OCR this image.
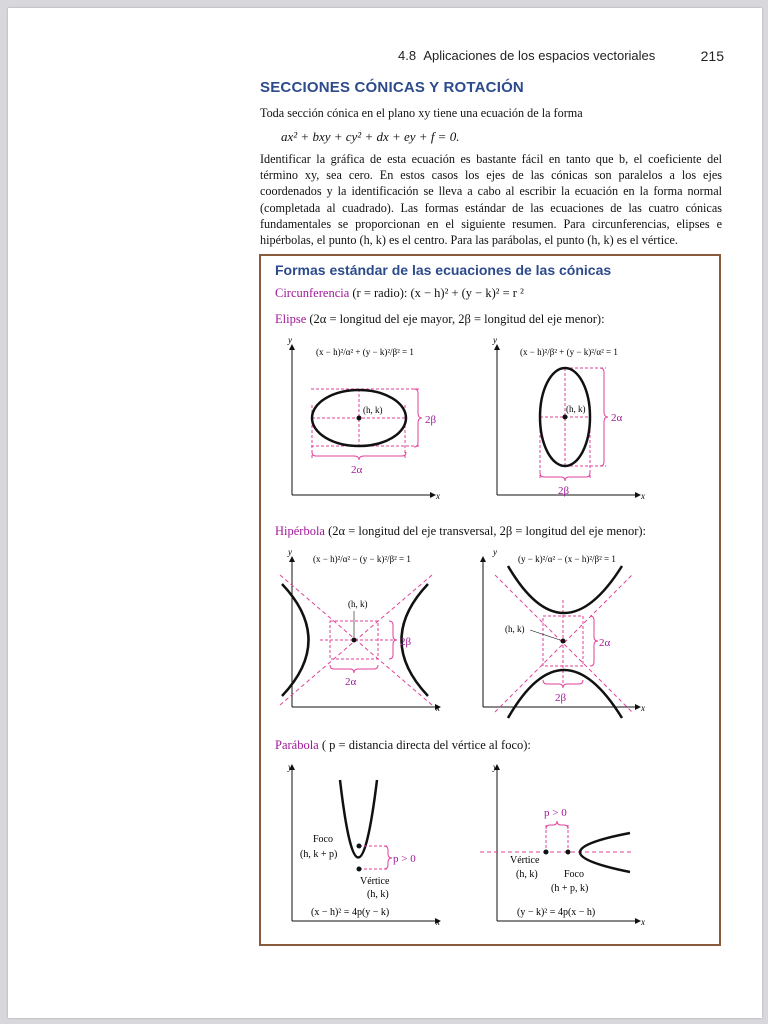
4.8 Aplicaciones de los espacios vectoriales	215
SECCIONES CÓNICAS Y ROTACIÓN
Toda sección cónica en el plano xy tiene una ecuación de la forma
ax² + bxy + cy² + dx + ey + f = 0.
Identificar la gráfica de esta ecuación es bastante fácil en tanto que b, el coeficiente del término xy, sea cero. En estos casos los ejes de las cónicas son paralelos a los ejes coordenados y la identificación se lleva a cabo al escribir la ecuación en la forma normal (completada al cuadrado). Las formas estándar de las ecuaciones de las cuatro cónicas fundamentales se proporcionan en el siguiente resumen. Para circunferencias, elipses e hipérbolas, el punto (h, k) es el centro. Para las parábolas, el punto (h, k) es el vértice.
Formas estándar de las ecuaciones de las cónicas
Circunferencia (r = radio): (x − h)² + (y − k)² = r ²
Elipse (2α = longitud del eje mayor, 2β = longitud del eje menor):
Hipérbola (2α = longitud del eje transversal, 2β = longitud del eje menor):
Parábola ( p = distancia directa del vértice al foco):
x
y
(x − h)²/α² + (y − k)²/β² = 1
(h, k)
2β
2α
x
y
(x − h)²/β² + (y − k)²/α² = 1
(h, k)
2α
2β
x
y
(x − h)²/α² − (y − k)²/β² = 1
(h, k)
2β
2α
x
y
(y − k)²/α² − (x − h)²/β² = 1
(h, k)
2α
2β
x
y
p > 0
Foco
(h, k + p)
Vértice
(h, k)
(x − h)² = 4p(y − k)
x
y
p > 0
Vértice
(h, k)	Foco
(h + p, k)
(y − k)² = 4p(x − h)
